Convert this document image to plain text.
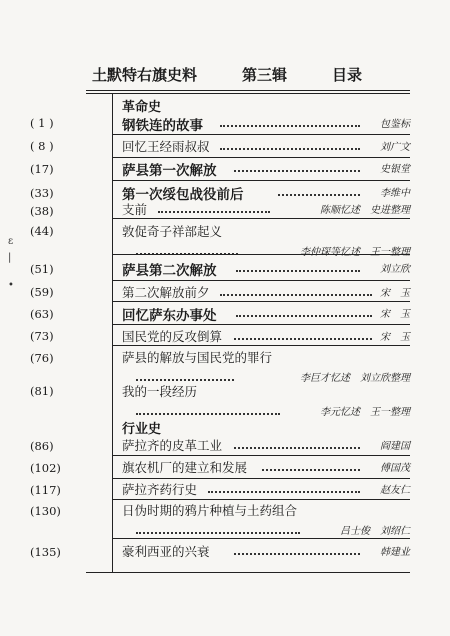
土默特右旗史料	第三辑	目录
ε
|
•
革命史
( 1 )	钢铁连的故事	包鉴标
( 8 )	回忆王经雨叔叔	刘广文
(17)	萨县第一次解放	史银堂
(33)	第一次绥包战役前后	李维中
(38)	支前	陈顺忆述　史进整理
(44)	敦促奇子祥部起义
李仲琛等忆述　王一整理
(51)	萨县第二次解放	刘立欣
(59)	第二次解放前夕	宋　玉
(63)	回忆萨东办事处	宋　玉
(73)	国民党的反攻倒算	宋　玉
(76)	萨县的解放与国民党的罪行
李巨才忆述　刘立欣整理
(81)	我的一段经历
李元忆述　王一整理
行业史
(86)	萨拉齐的皮革工业	阎建国
(102)	旗农机厂的建立和发展	傅国茂
(117)	萨拉齐药行史	赵友仁
(130)	日伪时期的鸦片种植与土药组合
吕士俊　刘绍仁
(135)	豪利西亚的兴衰	韩建业
